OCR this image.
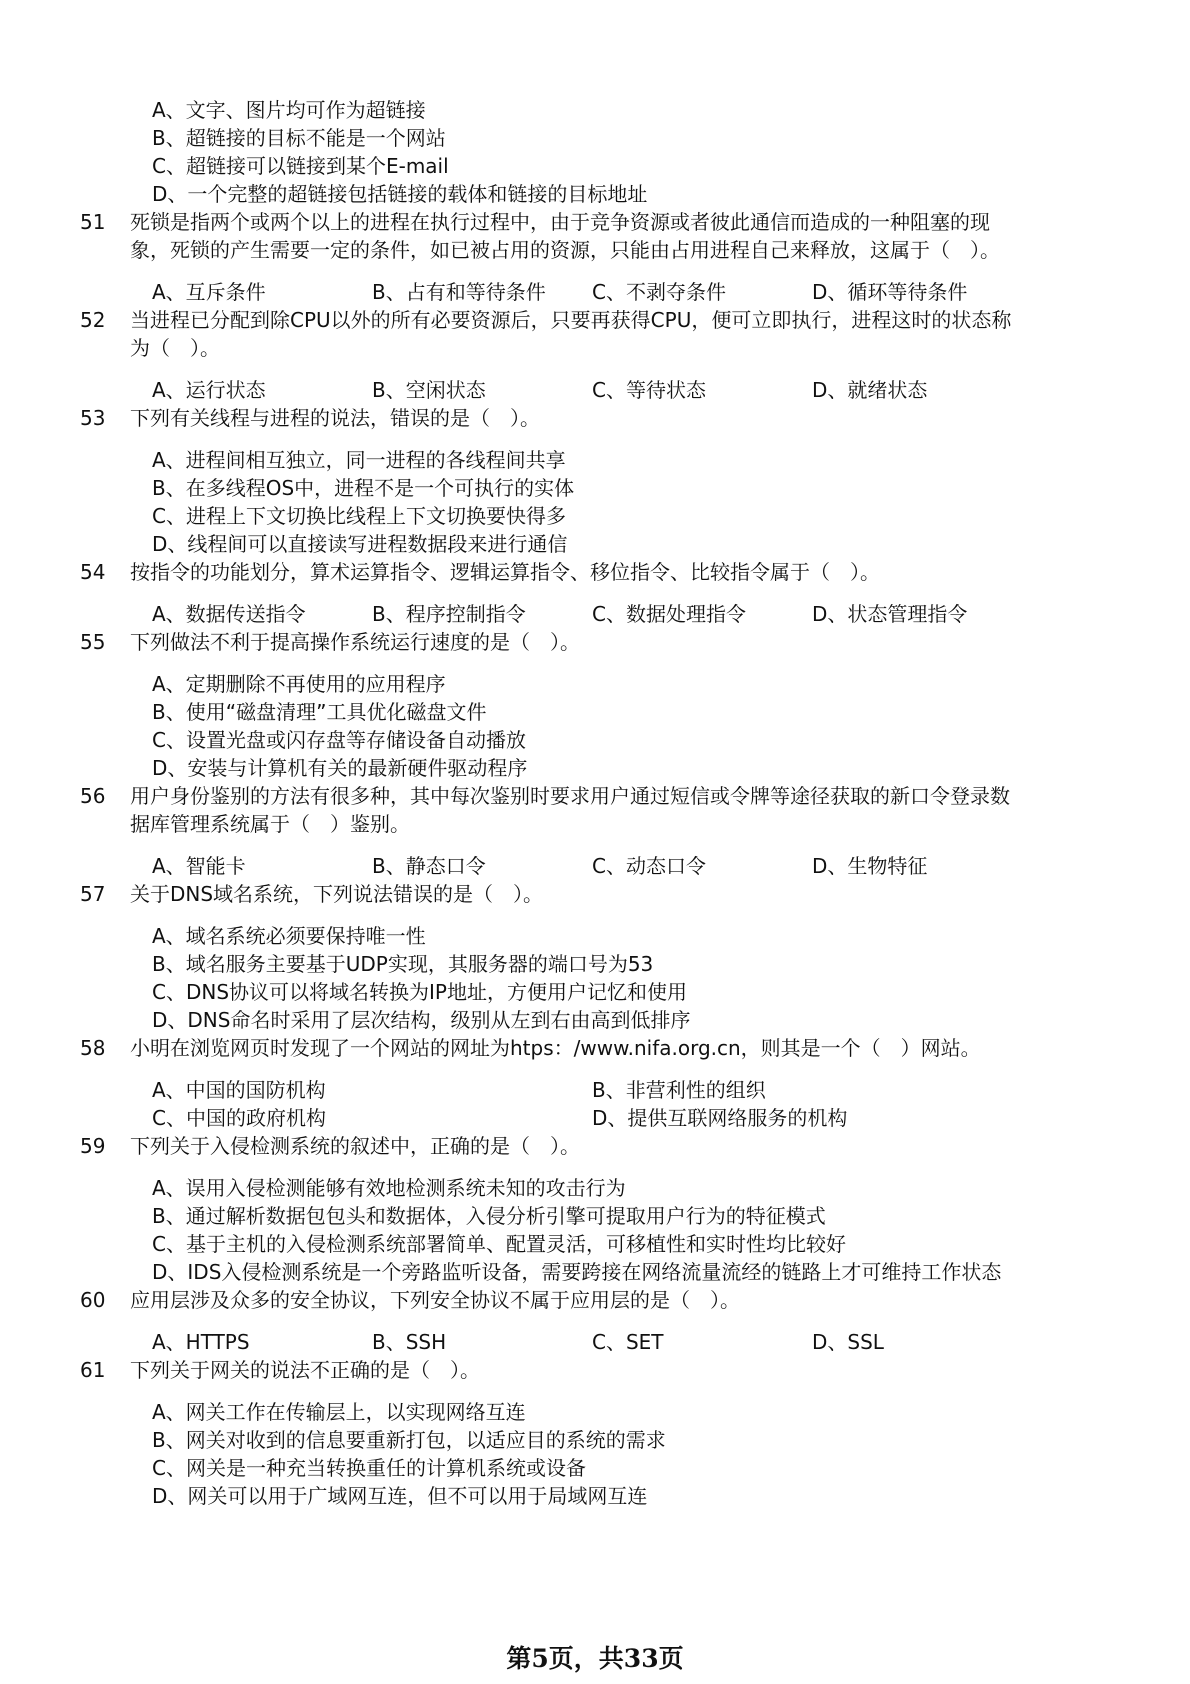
A、文字、图片均可作为超链接
B、超链接的目标不能是一个网站
C、超链接可以链接到某个E-mail
D、一个完整的超链接包括链接的载体和链接的目标地址
51	死锁是指两个或两个以上的进程在执行过程中，由于竞争资源或者彼此通信而造成的一种阻塞的现
象，死锁的产生需要一定的条件，如已被占用的资源，只能由占用进程自己来释放，这属于（　）。
A、互斥条件	B、占有和等待条件 C、不剥夺条件	D、循环等待条件
52	当进程已分配到除CPU以外的所有必要资源后，只要再获得CPU，便可立即执行，进程这时的状态称
为（　）。
A、运行状态	B、空闲状态	C、等待状态	D、就绪状态
53	下列有关线程与进程的说法，错误的是（　）。
A、进程间相互独立，同一进程的各线程间共享
B、在多线程OS中，进程不是一个可执行的实体
C、进程上下文切换比线程上下文切换要快得多
D、线程间可以直接读写进程数据段来进行通信
54	按指令的功能划分，算术运算指令、逻辑运算指令、移位指令、比较指令属于（　）。
A、数据传送指令	B、程序控制指令	C、数据处理指令	D、状态管理指令
55	下列做法不利于提高操作系统运行速度的是（　）。
A、定期删除不再使用的应用程序
B、使用“磁盘清理”工具优化磁盘文件
C、设置光盘或闪存盘等存储设备自动播放
D、安装与计算机有关的最新硬件驱动程序
56	用户身份鉴别的方法有很多种，其中每次鉴别时要求用户通过短信或令牌等途径获取的新口令登录数
据库管理系统属于（　）鉴别。
A、智能卡	B、静态口令	C、动态口令	D、生物特征
57	关于DNS域名系统，下列说法错误的是（　）。
A、域名系统必须要保持唯一性
B、域名服务主要基于UDP实现，其服务器的端口号为53
C、DNS协议可以将域名转换为IP地址，方便用户记忆和使用
D、DNS命名时采用了层次结构，级别从左到右由高到低排序
58	小明在浏览网页时发现了一个网站的网址为htps：/www.nifa.org.cn，则其是一个（　）网站。
A、中国的国防机构	B、非营利性的组织
C、中国的政府机构	D、提供互联网络服务的机构
59	下列关于入侵检测系统的叙述中，正确的是（　）。
A、误用入侵检测能够有效地检测系统未知的攻击行为
B、通过解析数据包包头和数据体，入侵分析引擎可提取用户行为的特征模式
C、基于主机的入侵检测系统部署简单、配置灵活，可移植性和实时性均比较好
D、IDS入侵检测系统是一个旁路监听设备，需要跨接在网络流量流经的链路上才可维持工作状态
60	应用层涉及众多的安全协议，下列安全协议不属于应用层的是（　）。
A、HTTPS	B、SSH	C、SET	D、SSL
61	下列关于网关的说法不正确的是（　）。
A、网关工作在传输层上，以实现网络互连
B、网关对收到的信息要重新打包，以适应目的系统的需求
C、网关是一种充当转换重任的计算机系统或设备
D、网关可以用于广域网互连，但不可以用于局域网互连
第5页，共33页
